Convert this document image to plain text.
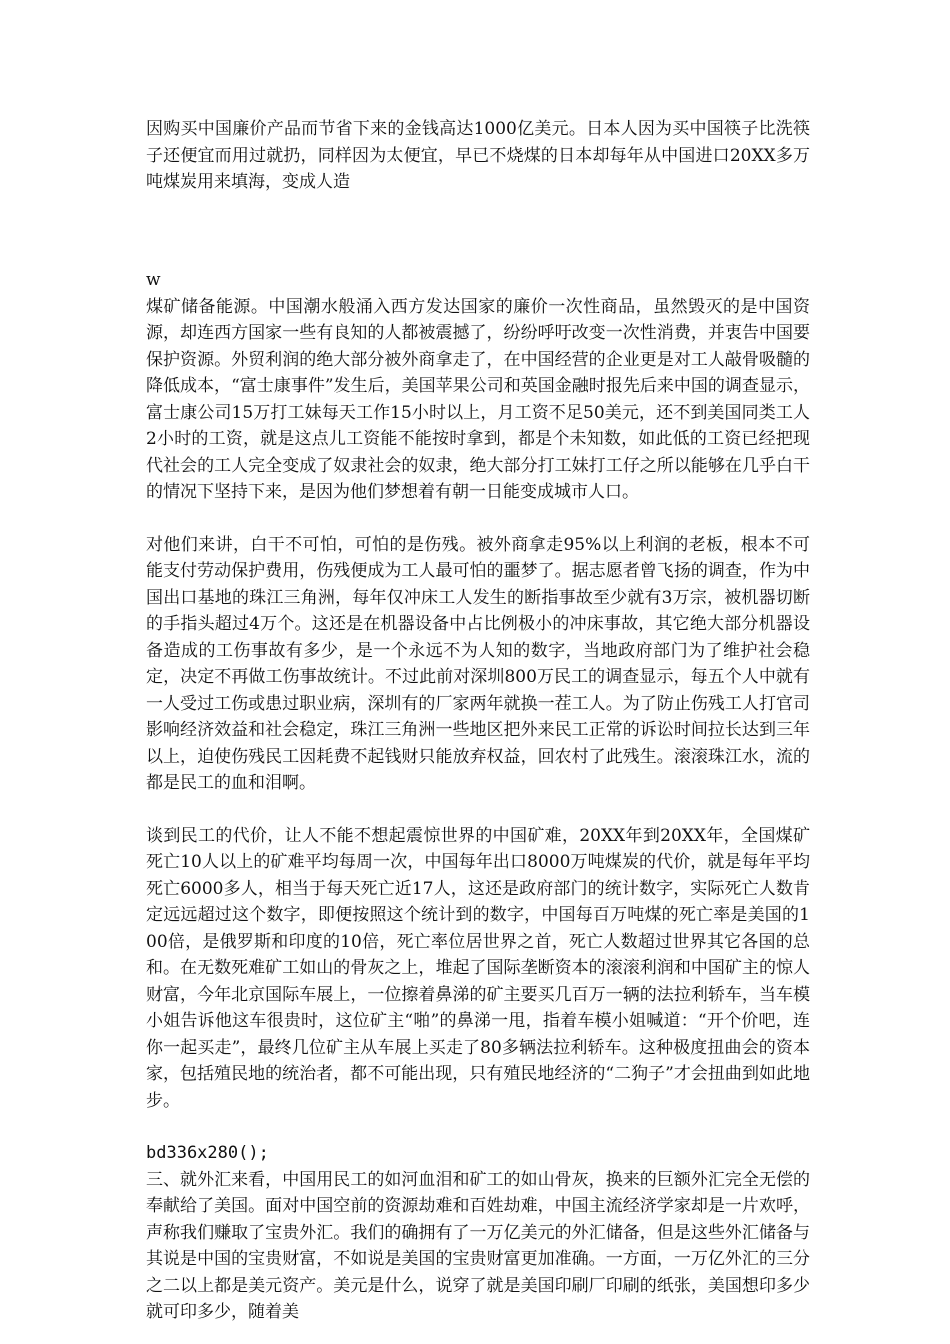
因购买中国廉价产品而节省下来的金钱高达1000亿美元。日本人因为买中国筷子比洗筷子还便宜而用过就扔，同样因为太便宜，早已不烧煤的日本却每年从中国进口20XX多万吨煤炭用来填海，变成人造

w

煤矿储备能源。中国潮水般涌入西方发达国家的廉价一次性商品，虽然毁灭的是中国资源，却连西方国家一些有良知的人都被震撼了，纷纷呼吁改变一次性消费，并衷告中国要保护资源。外贸利润的绝大部分被外商拿走了，在中国经营的企业更是对工人敲骨吸髓的降低成本，“富士康事件”发生后，美国苹果公司和英国金融时报先后来中国的调查显示，富士康公司15万打工妹每天工作15小时以上，月工资不足50美元，还不到美国同类工人2小时的工资，就是这点儿工资能不能按时拿到，都是个未知数，如此低的工资已经把现代社会的工人完全变成了奴隶社会的奴隶，绝大部分打工妹打工仔之所以能够在几乎白干的情况下坚持下来，是因为他们梦想着有朝一日能变成城市人口。

对他们来讲，白干不可怕，可怕的是伤残。被外商拿走95%以上利润的老板，根本不可能支付劳动保护费用，伤残便成为工人最可怕的噩梦了。据志愿者曾飞扬的调查，作为中国出口基地的珠江三角洲，每年仅冲床工人发生的断指事故至少就有3万宗，被机器切断的手指头超过4万个。这还是在机器设备中占比例极小的冲床事故，其它绝大部分机器设备造成的工伤事故有多少，是一个永远不为人知的数字，当地政府部门为了维护社会稳定，决定不再做工伤事故统计。不过此前对深圳800万民工的调查显示，每五个人中就有一人受过工伤或患过职业病，深圳有的厂家两年就换一茬工人。为了防止伤残工人打官司影响经济效益和社会稳定，珠江三角洲一些地区把外来民工正常的诉讼时间拉长达到三年以上，迫使伤残民工因耗费不起钱财只能放弃权益，回农村了此残生。滚滚珠江水，流的都是民工的血和泪啊。

谈到民工的代价，让人不能不想起震惊世界的中国矿难，20XX年到20XX年，全国煤矿死亡10人以上的矿难平均每周一次，中国每年出口8000万吨煤炭的代价，就是每年平均死亡6000多人，相当于每天死亡近17人，这还是政府部门的统计数字，实际死亡人数肯定远远超过这个数字，即便按照这个统计到的数字，中国每百万吨煤的死亡率是美国的100倍，是俄罗斯和印度的10倍，死亡率位居世界之首，死亡人数超过世界其它各国的总和。在无数死难矿工如山的骨灰之上，堆起了国际垄断资本的滚滚利润和中国矿主的惊人财富，今年北京国际车展上，一位擦着鼻涕的矿主要买几百万一辆的法拉利轿车，当车模小姐告诉他这车很贵时，这位矿主“啪”的鼻涕一甩，指着车模小姐喊道：“开个价吧，连你一起买走”，最终几位矿主从车展上买走了80多辆法拉利轿车。这种极度扭曲会的资本家，包括殖民地的统治者，都不可能出现，只有殖民地经济的“二狗子”才会扭曲到如此地步。

bd336x280();

三、就外汇来看，中国用民工的如河血泪和矿工的如山骨灰，换来的巨额外汇完全无偿的奉献给了美国。面对中国空前的资源劫难和百姓劫难，中国主流经济学家却是一片欢呼，声称我们赚取了宝贵外汇。我们的确拥有了一万亿美元的外汇储备，但是这些外汇储备与其说是中国的宝贵财富，不如说是美国的宝贵财富更加准确。一方面，一万亿外汇的三分之二以上都是美元资产。美元是什么，说穿了就是美国印刷厂印刷的纸张，美国想印多少就可印多少，随着美
